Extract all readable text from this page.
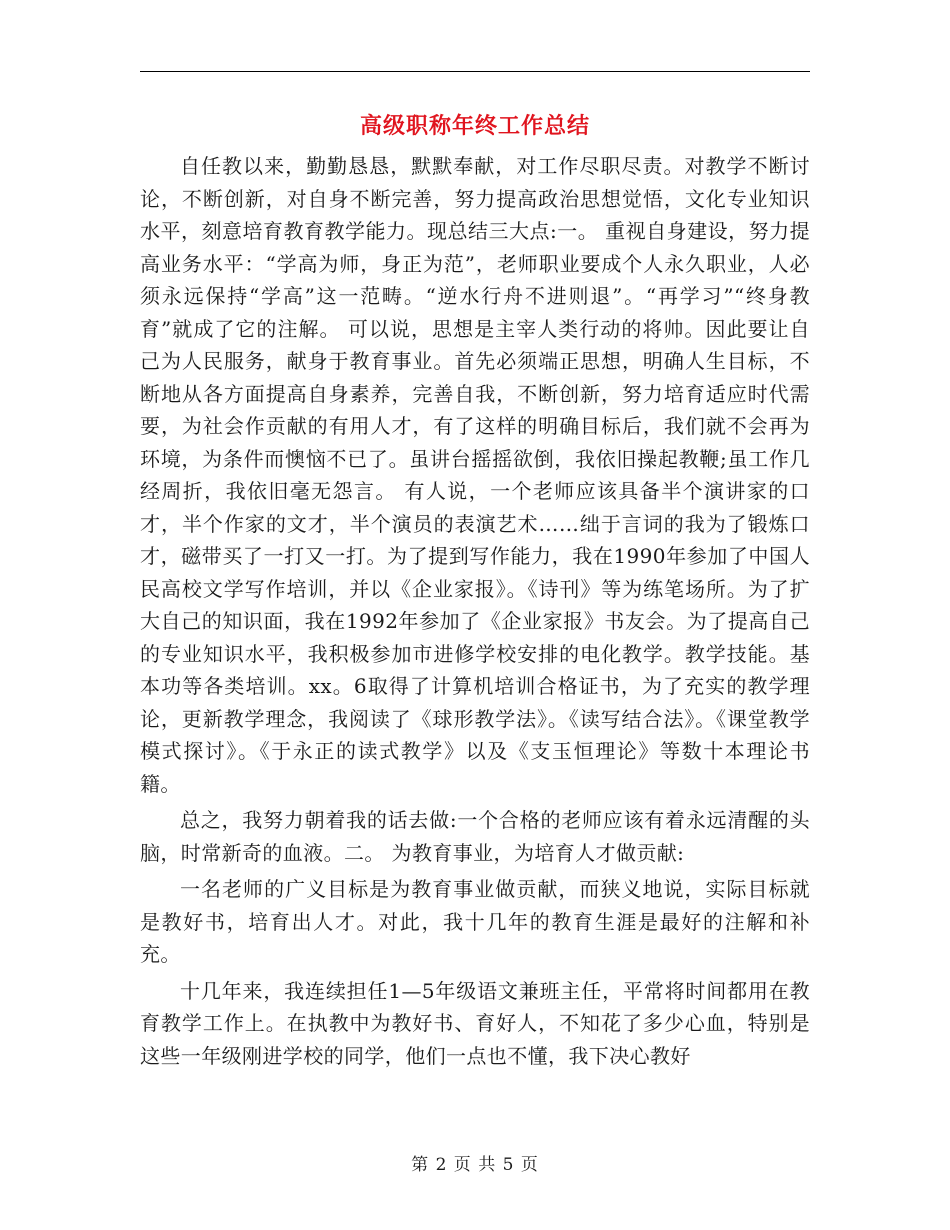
高级职称年终工作总结

自任教以来，勤勤恳恳，默默奉献，对工作尽职尽责。对教学不断讨论，不断创新，对自身不断完善，努力提高政治思想觉悟，文化专业知识水平，刻意培育教育教学能力。现总结三大点:一。 重视自身建设，努力提高业务水平：“学高为师，身正为范”，老师职业要成个人永久职业，人必须永远保持“学高”这一范畴。“逆水行舟不进则退”。“再学习”“终身教育”就成了它的注解。 可以说，思想是主宰人类行动的将帅。因此要让自己为人民服务，献身于教育事业。首先必须端正思想，明确人生目标，不断地从各方面提高自身素养，完善自我，不断创新，努力培育适应时代需要，为社会作贡献的有用人才，有了这样的明确目标后，我们就不会再为环境，为条件而懊恼不已了。虽讲台摇摇欲倒，我依旧操起教鞭;虽工作几经周折，我依旧毫无怨言。 有人说，一个老师应该具备半个演讲家的口才，半个作家的文才，半个演员的表演艺术……绌于言词的我为了锻炼口才，磁带买了一打又一打。为了提到写作能力，我在1990年参加了中国人民高校文学写作培训，并以《企业家报》。《诗刊》等为练笔场所。为了扩大自己的知识面，我在1992年参加了《企业家报》书友会。为了提高自己的专业知识水平，我积极参加市进修学校安排的电化教学。教学技能。基本功等各类培训。xx。6取得了计算机培训合格证书，为了充实的教学理论，更新教学理念，我阅读了《球形教学法》。《读写结合法》。《课堂教学模式探讨》。《于永正的读式教学》以及《支玉恒理论》等数十本理论书籍。

总之，我努力朝着我的话去做:一个合格的老师应该有着永远清醒的头脑，时常新奇的血液。二。 为教育事业，为培育人才做贡献:

一名老师的广义目标是为教育事业做贡献，而狭义地说，实际目标就是教好书，培育出人才。对此，我十几年的教育生涯是最好的注解和补充。

十几年来，我连续担任1—5年级语文兼班主任，平常将时间都用在教育教学工作上。在执教中为教好书、育好人，不知花了多少心血，特别是这些一年级刚进学校的同学，他们一点也不懂，我下决心教好

第 2 页 共 5 页
